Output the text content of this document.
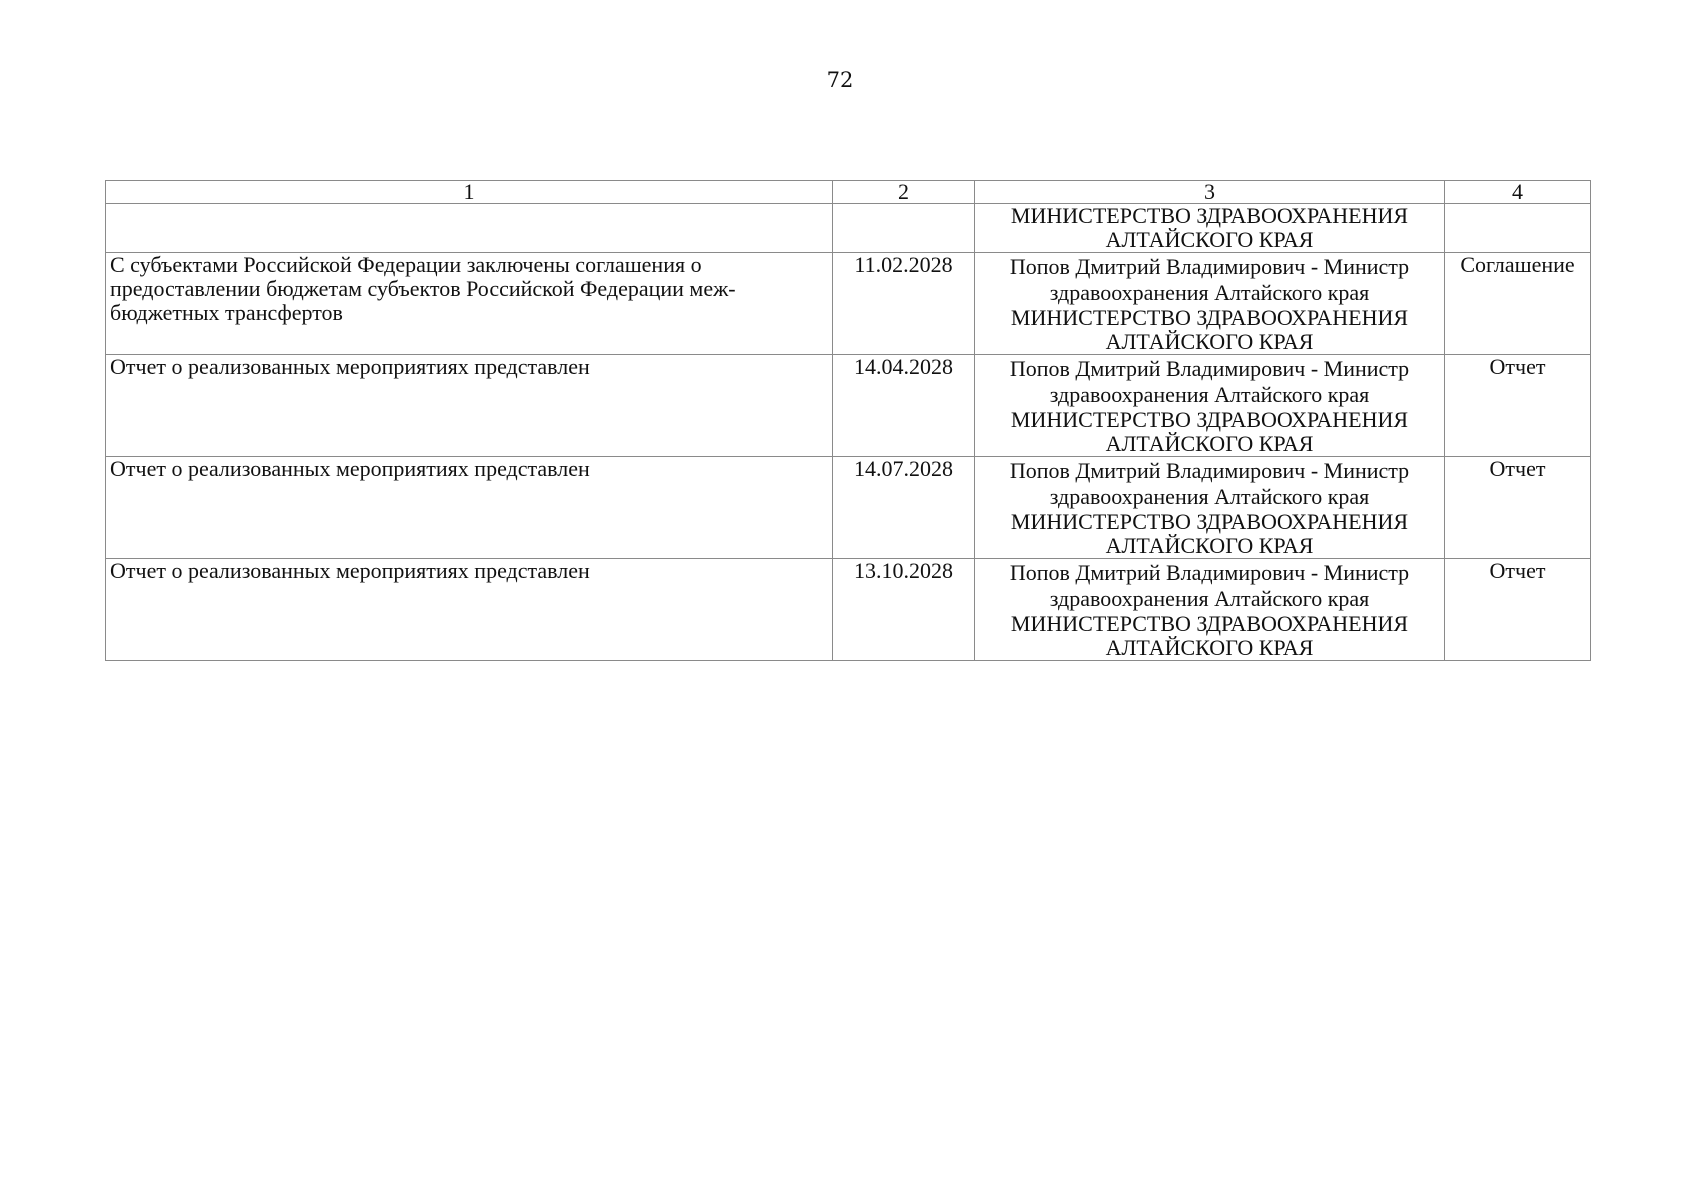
72
1	2	3	4

		МИНИСТЕРСТВО ЗДРАВООХРАНЕНИЯ АЛТАЙСКОГО КРАЯ	

С субъектами Российской Федерации заключены соглашения о предоставлении бюджетам субъектов Российской Федерации меж-бюджетных трансфертов	11.02.2028	Попов Дмитрий Владимирович - Министр
здравоохранения Алтайского края
МИНИСТЕРСТВО ЗДРАВООХРАНЕНИЯ АЛТАЙСКОГО КРАЯ	Соглашение
Отчет о реализованных мероприятиях представлен	14.04.2028	Попов Дмитрий Владимирович - Министр
здравоохранения Алтайского края
МИНИСТЕРСТВО ЗДРАВООХРАНЕНИЯ АЛТАЙСКОГО КРАЯ	Отчет
Отчет о реализованных мероприятиях представлен	14.07.2028	Попов Дмитрий Владимирович - Министр
здравоохранения Алтайского края
МИНИСТЕРСТВО ЗДРАВООХРАНЕНИЯ АЛТАЙСКОГО КРАЯ	Отчет
Отчет о реализованных мероприятиях представлен	13.10.2028	Попов Дмитрий Владимирович - Министр
здравоохранения Алтайского края
МИНИСТЕРСТВО ЗДРАВООХРАНЕНИЯ АЛТАЙСКОГО КРАЯ	Отчет
